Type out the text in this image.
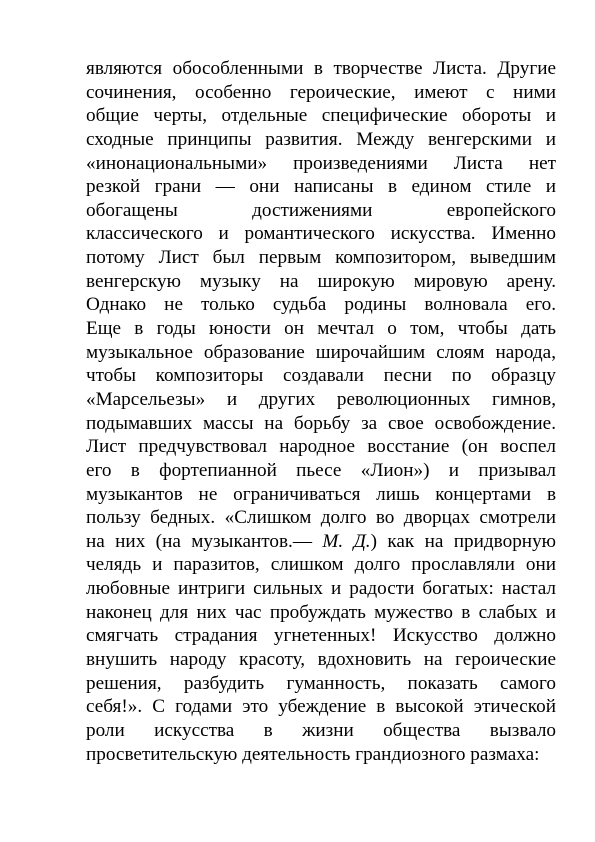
являются обособленными в творчестве Листа. Другие
сочинения, особенно героические, имеют с ними
общие черты, отдельные специфические обороты и
сходные принципы развития. Между венгерскими и
«инонациональными» произведениями Листа нет
резкой грани — они написаны в едином стиле и
обогащены достижениями европейского
классического и романтического искусства. Именно
потому Лист был первым композитором, выведшим
венгерскую музыку на широкую мировую арену.
Однако не только судьба родины волновала его.
Еще в годы юности он мечтал о том, чтобы дать
музыкальное образование широчайшим слоям народа,
чтобы композиторы создавали песни по образцу
«Марсельезы» и других революционных гимнов,
подымавших массы на борьбу за свое освобождение.
Лист предчувствовал народное восстание (он воспел
его в фортепианной пьесе «Лион») и призывал
музыкантов не ограничиваться лишь концертами в
пользу бедных. «Слишком долго во дворцах смотрели
на них (на музыкантов.— М. Д.) как на придворную
челядь и паразитов, слишком долго прославляли они
любовные интриги сильных и радости богатых: настал
наконец для них час пробуждать мужество в слабых и
смягчать страдания угнетенных! Искусство должно
внушить народу красоту, вдохновить на героические
решения, разбудить гуманность, показать самого
себя!». С годами это убеждение в высокой этической
роли искусства в жизни общества вызвало
просветительскую деятельность грандиозного размаха:
